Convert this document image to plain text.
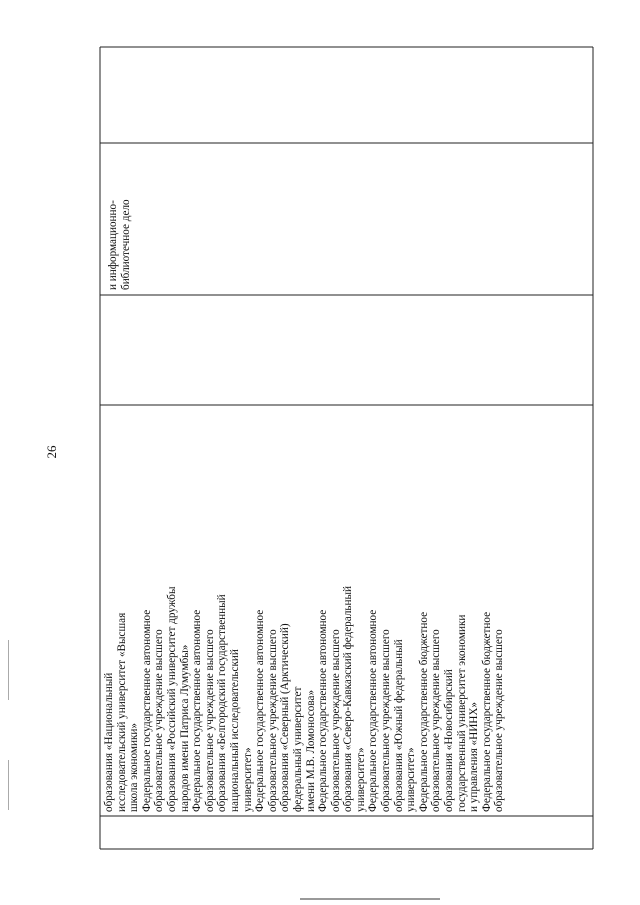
26
образования «Национальный исследовательский университет «Высшая школа экономики» Федеральное государственное автономное образовательное учреждение высшего образования «Российский университет дружбы народов имени Патриса Лумумбы» Федеральное государственное автономное образовательное учреждение высшего образования «Белгородский государственный национальный исследовательский университет» Федеральное государственное автономное образовательное учреждение высшего образования «Северный (Арктический) федеральный университет имени М.В. Ломоносова» Федеральное государственное автономное образовательное учреждение высшего образования «Северо-Кавказский федеральный университет» Федеральное государственное автономное образовательное учреждение высшего образования «Южный федеральный университет» Федеральное государственное бюджетное образовательное учреждение высшего образования «Новосибирский государственный университет экономики и управления «НИНХ» Федеральное государственное бюджетное образовательное учреждение высшего
и информационно- библиотечное дело
